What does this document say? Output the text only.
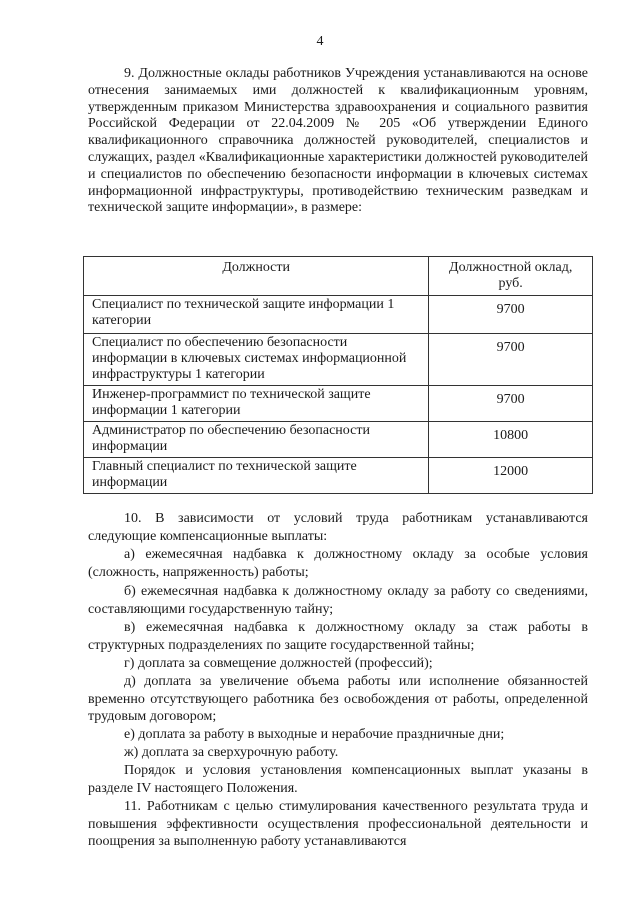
4

9. Должностные оклады работников Учреждения устанавливаются на основе отнесения занимаемых ими должностей к квалификационным уровням, утвержденным приказом Министерства здравоохранения и социального развития Российской Федерации от 22.04.2009 № 205 «Об утверждении Единого квалификационного справочника должностей руководителей, специалистов и служащих, раздел «Квалификационные характеристики должностей руководителей и специалистов по обеспечению безопасности информации в ключевых системах информационной инфраструктуры, противодействию техническим разведкам и технической защите информации», в размере:

Должности	Должностной оклад, руб.
Специалист по технической защите информации 1 категории	9700
Специалист по обеспечению безопасности информации в ключевых системах информационной инфраструктуры 1 категории	9700
Инженер-программист по технической защите информации 1 категории	9700
Администратор по обеспечению безопасности информации	10800
Главный специалист по технической защите информации	12000

10. В зависимости от условий труда работникам устанавливаются следующие компенсационные выплаты:

а) ежемесячная надбавка к должностному окладу за особые условия (сложность, напряженность) работы;

б) ежемесячная надбавка к должностному окладу за работу со сведениями, составляющими государственную тайну;

в) ежемесячная надбавка к должностному окладу за стаж работы в структурных подразделениях по защите государственной тайны;

г) доплата за совмещение должностей (профессий);

д) доплата за увеличение объема работы или исполнение обязанностей временно отсутствующего работника без освобождения от работы, определенной трудовым договором;

е) доплата за работу в выходные и нерабочие праздничные дни;

ж) доплата за сверхурочную работу.

Порядок и условия установления компенсационных выплат указаны в разделе IV настоящего Положения.

11. Работникам с целью стимулирования качественного результата труда и повышения эффективности осуществления профессиональной деятельности и поощрения за выполненную работу устанавливаются
